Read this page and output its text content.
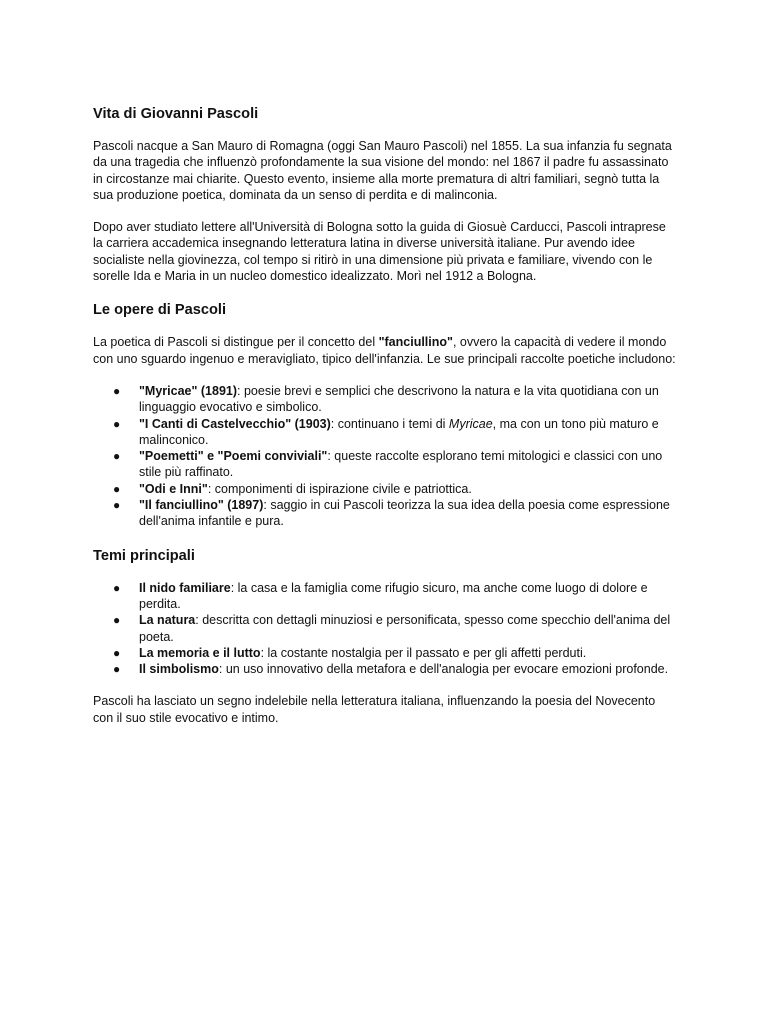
Vita di Giovanni Pascoli

Pascoli nacque a San Mauro di Romagna (oggi San Mauro Pascoli) nel 1855. La sua infanzia fu segnata da una tragedia che influenzò profondamente la sua visione del mondo: nel 1867 il padre fu assassinato in circostanze mai chiarite. Questo evento, insieme alla morte prematura di altri familiari, segnò tutta la sua produzione poetica, dominata da un senso di perdita e di malinconia.

Dopo aver studiato lettere all'Università di Bologna sotto la guida di Giosuè Carducci, Pascoli intraprese la carriera accademica insegnando letteratura latina in diverse università italiane. Pur avendo idee socialiste nella giovinezza, col tempo si ritirò in una dimensione più privata e familiare, vivendo con le sorelle Ida e Maria in un nucleo domestico idealizzato. Morì nel 1912 a Bologna.

Le opere di Pascoli

La poetica di Pascoli si distingue per il concetto del "fanciullino", ovvero la capacità di vedere il mondo con uno sguardo ingenuo e meravigliato, tipico dell'infanzia. Le sue principali raccolte poetiche includono:

● "Myricae" (1891): poesie brevi e semplici che descrivono la natura e la vita quotidiana con un linguaggio evocativo e simbolico.
● "I Canti di Castelvecchio" (1903): continuano i temi di Myricae, ma con un tono più maturo e malinconico.
● "Poemetti" e "Poemi conviviali": queste raccolte esplorano temi mitologici e classici con uno stile più raffinato.
● "Odi e Inni": componimenti di ispirazione civile e patriottica.
● "Il fanciullino" (1897): saggio in cui Pascoli teorizza la sua idea della poesia come espressione dell'anima infantile e pura.
Temi principali
● Il nido familiare: la casa e la famiglia come rifugio sicuro, ma anche come luogo di dolore e perdita.
● La natura: descritta con dettagli minuziosi e personificata, spesso come specchio dell'anima del poeta.
● La memoria e il lutto: la costante nostalgia per il passato e per gli affetti perduti.
● Il simbolismo: un uso innovativo della metafora e dell'analogia per evocare emozioni profonde.

Pascoli ha lasciato un segno indelebile nella letteratura italiana, influenzando la poesia del Novecento con il suo stile evocativo e intimo.
